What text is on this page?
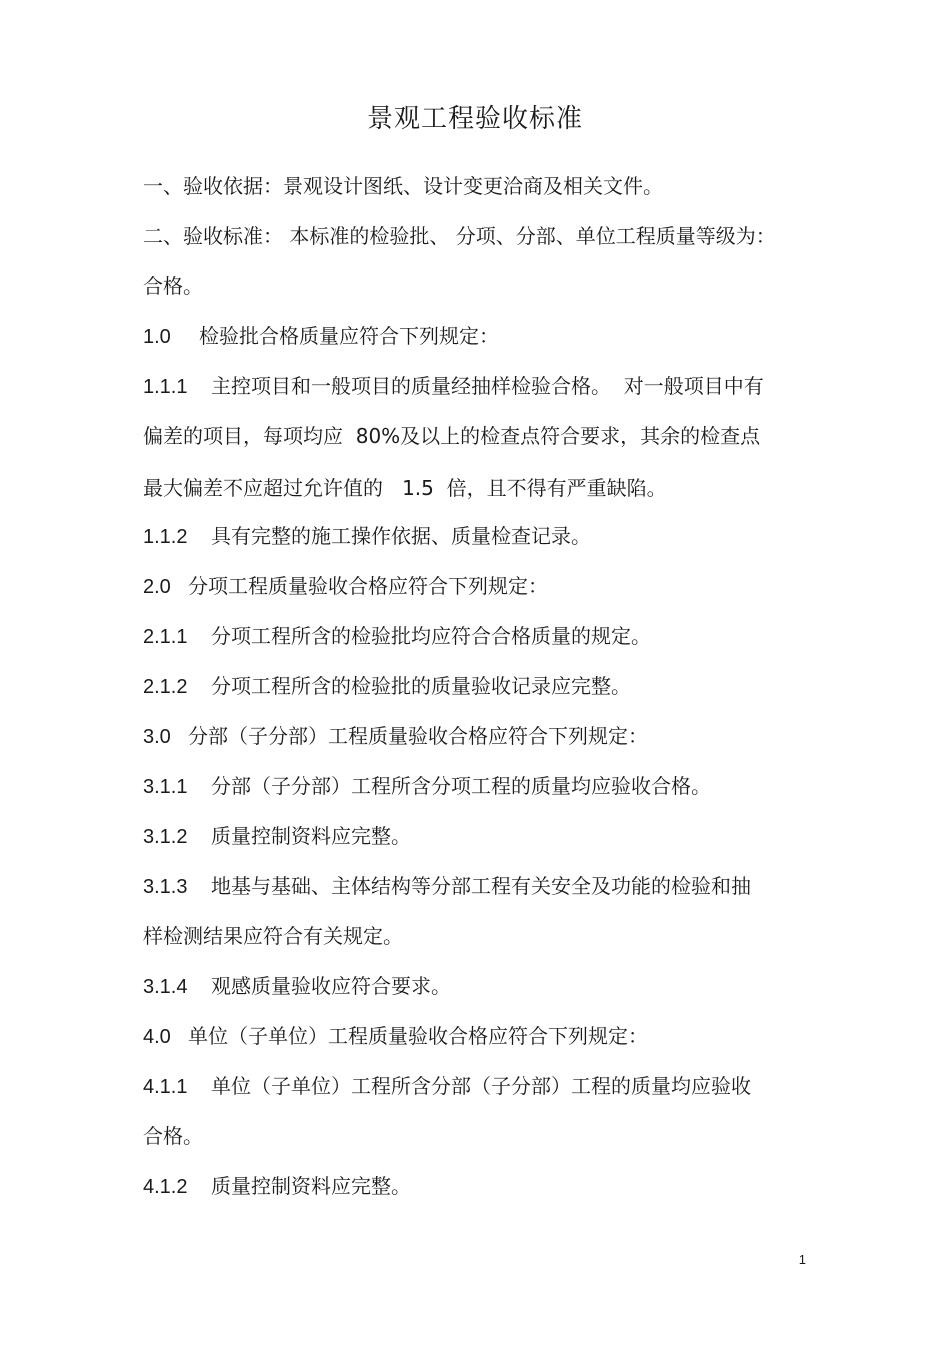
景观工程验收标准
一、验收依据：景观设计图纸、设计变更洽商及相关文件。
二、验收标准： 本标准的检验批、 分项、分部、单位工程质量等级为：
合格。
1.0 检验批合格质量应符合下列规定：
1.1.1 主控项目和一般项目的质量经抽样检验合格。  对一般项目中有
偏差的项目，每项均应  80%及以上的检查点符合要求，其余的检查点
最大偏差不应超过允许值的   1.5  倍，且不得有严重缺陷。
1.1.2 具有完整的施工操作依据、质量检查记录。
2.0 分项工程质量验收合格应符合下列规定：
2.1.1 分项工程所含的检验批均应符合合格质量的规定。
2.1.2 分项工程所含的检验批的质量验收记录应完整。
3.0 分部（子分部）工程质量验收合格应符合下列规定：
3.1.1 分部（子分部）工程所含分项工程的质量均应验收合格。
3.1.2 质量控制资料应完整。
3.1.3 地基与基础、主体结构等分部工程有关安全及功能的检验和抽
样检测结果应符合有关规定。
3.1.4 观感质量验收应符合要求。
4.0 单位（子单位）工程质量验收合格应符合下列规定：
4.1.1 单位（子单位）工程所含分部（子分部）工程的质量均应验收
合格。
4.1.2 质量控制资料应完整。
1
